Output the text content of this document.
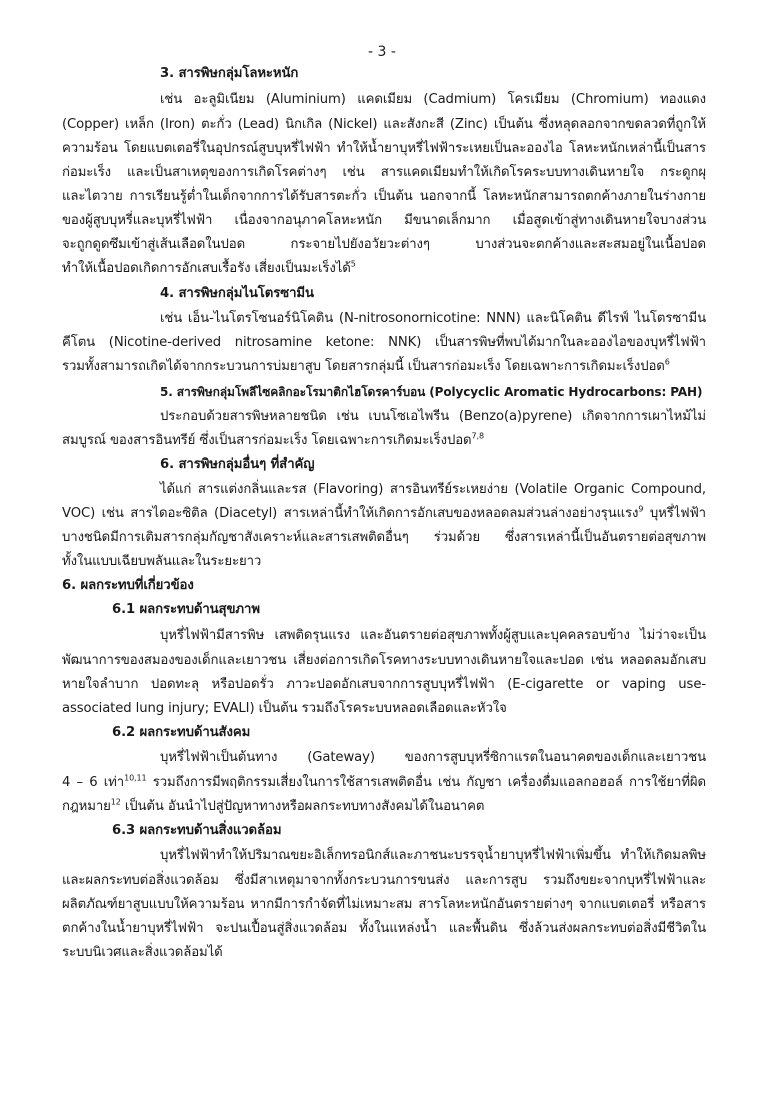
- 3 -
3. สารพิษกลุ่มโลหะหนัก
เช่น อะลูมิเนียม (Aluminium) แคดเมียม (Cadmium) โครเมียม (Chromium) ทองแดง
(Copper) เหล็ก (Iron) ตะกั่ว (Lead) นิกเกิล (Nickel) และสังกะสี (Zinc) เป็นต้น ซึ่งหลุดลอกจากขดลวดที่ถูกให้
ความร้อน โดยแบตเตอรี่ในอุปกรณ์สูบบุหรี่ไฟฟ้า ทำให้น้ำยาบุหรี่ไฟฟ้าระเหยเป็นละอองไอ โลหะหนักเหล่านี้เป็นสาร
ก่อมะเร็ง และเป็นสาเหตุของการเกิดโรคต่างๆ เช่น สารแคดเมียมทำให้เกิดโรคระบบทางเดินหายใจ กระดูกผุ
และไตวาย การเรียนรู้ต่ำในเด็กจากการได้รับสารตะกั่ว เป็นต้น นอกจากนี้ โลหะหนักสามารถตกค้างภายในร่างกาย
ของผู้สูบบุหรี่และบุหรี่ไฟฟ้า เนื่องจากอนุภาคโลหะหนัก มีขนาดเล็กมาก เมื่อสูดเข้าสู่ทางเดินหายใจบางส่วน
จะถูกดูดซึมเข้าสู่เส้นเลือดในปอด กระจายไปยังอวัยวะต่างๆ บางส่วนจะตกค้างและสะสมอยู่ในเนื้อปอด
ทำให้เนื้อปอดเกิดการอักเสบเรื้อรัง เสี่ยงเป็นมะเร็งได้$^5$
4. สารพิษกลุ่มไนโตรซามีน
เช่น เอ็น-ไนโตรโซนอร์นิโคติน (N-nitrosonornicotine: NNN) และนิโคติน ดีไรฟ์ ไนโตรซามีน
คีโตน (Nicotine-derived nitrosamine ketone: NNK) เป็นสารพิษที่พบได้มากในละอองไอของบุหรี่ไฟฟ้า
รวมทั้งสามารถเกิดได้จากกระบวนการบ่มยาสูบ โดยสารกลุ่มนี้ เป็นสารก่อมะเร็ง โดยเฉพาะการเกิดมะเร็งปอด$^6$
5. สารพิษกลุ่มโพลีไซคลิกอะโรมาติกไฮโดรคาร์บอน (Polycyclic Aromatic Hydrocarbons: PAH)
ประกอบด้วยสารพิษหลายชนิด เช่น เบนโซเอไพรีน (Benzo(a)pyrene) เกิดจากการเผาไหม้ไม่
สมบูรณ์ ของสารอินทรีย์ ซึ่งเป็นสารก่อมะเร็ง โดยเฉพาะการเกิดมะเร็งปอด$^{7,8}$
6. สารพิษกลุ่มอื่นๆ ที่สำคัญ
ได้แก่ สารแต่งกลิ่นและรส (Flavoring) สารอินทรีย์ระเหยง่าย (Volatile Organic Compound,
VOC) เช่น สารไดอะซิติล (Diacetyl) สารเหล่านี้ทำให้เกิดการอักเสบของหลอดลมส่วนล่างอย่างรุนแรง$^9$ บุหรี่ไฟฟ้า
บางชนิดมีการเติมสารกลุ่มกัญชาสังเคราะห์และสารเสพติดอื่นๆ ร่วมด้วย ซึ่งสารเหล่านี้เป็นอันตรายต่อสุขภาพ
ทั้งในแบบเฉียบพลันและในระยะยาว
6. ผลกระทบที่เกี่ยวข้อง
6.1 ผลกระทบด้านสุขภาพ
บุหรี่ไฟฟ้ามีสารพิษ เสพติดรุนแรง และอันตรายต่อสุขภาพทั้งผู้สูบและบุคคลรอบข้าง ไม่ว่าจะเป็น
พัฒนาการของสมองของเด็กและเยาวชน เสี่ยงต่อการเกิดโรคทางระบบทางเดินหายใจและปอด เช่น หลอดลมอักเสบ
หายใจลำบาก ปอดทะลุ หรือปอดรั่ว ภาวะปอดอักเสบจากการสูบบุหรี่ไฟฟ้า (E-cigarette or vaping use-
associated lung injury; EVALI) เป็นต้น รวมถึงโรคระบบหลอดเลือดและหัวใจ
6.2 ผลกระทบด้านสังคม
บุหรี่ไฟฟ้าเป็นต้นทาง (Gateway) ของการสูบบุหรี่ซิกาแรตในอนาคตของเด็กและเยาวชน
4 – 6 เท่า$^{10,11}$ รวมถึงการมีพฤติกรรมเสี่ยงในการใช้สารเสพติดอื่น เช่น กัญชา เครื่องดื่มแอลกอฮอล์ การใช้ยาที่ผิด
กฎหมาย$^{12}$ เป็นต้น อันนำไปสู่ปัญหาทางหรือผลกระทบทางสังคมได้ในอนาคต
6.3 ผลกระทบด้านสิ่งแวดล้อม
บุหรี่ไฟฟ้าทำให้ปริมาณขยะอิเล็กทรอนิกส์และภาชนะบรรจุน้ำยาบุหรี่ไฟฟ้าเพิ่มขึ้น ทำให้เกิดมลพิษ
และผลกระทบต่อสิ่งแวดล้อม ซึ่งมีสาเหตุมาจากทั้งกระบวนการขนส่ง และการสูบ รวมถึงขยะจากบุหรี่ไฟฟ้าและ
ผลิตภัณฑ์ยาสูบแบบให้ความร้อน หากมีการกำจัดที่ไม่เหมาะสม สารโลหะหนักอันตรายต่างๆ จากแบตเตอรี่ หรือสาร
ตกค้างในน้ำยาบุหรี่ไฟฟ้า จะปนเปื้อนสู่สิ่งแวดล้อม ทั้งในแหล่งน้ำ และพื้นดิน ซึ่งล้วนส่งผลกระทบต่อสิ่งมีชีวิตใน
ระบบนิเวศและสิ่งแวดล้อมได้
